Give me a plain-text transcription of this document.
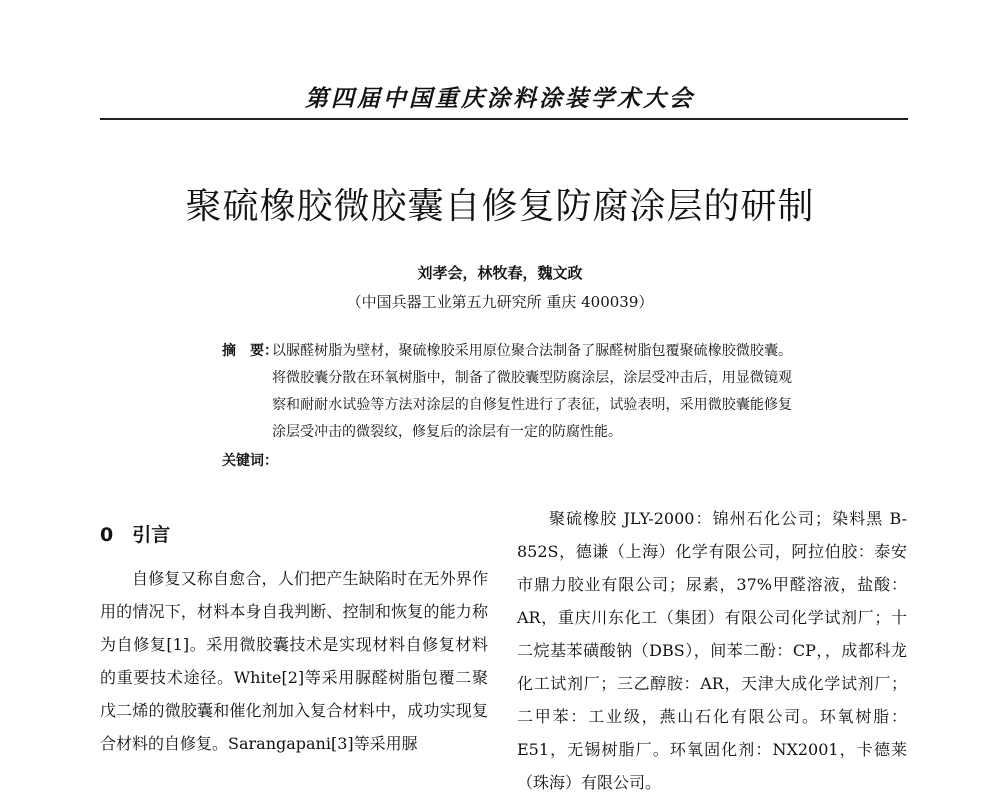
第四届中国重庆涂料涂装学术大会
聚硫橡胶微胶囊自修复防腐涂层的研制
刘孝会，林牧春，魏文政
（中国兵器工业第五九研究所 重庆 400039）
摘　要：
以脲醛树脂为壁材，聚硫橡胶采用原位聚合法制备了脲醛树脂包覆聚硫橡胶微胶囊。将微胶囊分散在环氧树脂中，制备了微胶囊型防腐涂层，涂层受冲击后，用显微镜观察和耐耐水试验等方法对涂层的自修复性进行了表征，试验表明，采用微胶囊能修复涂层受冲击的微裂纹，修复后的涂层有一定的防腐性能。
关键词：
0　引言

自修复又称自愈合，人们把产生缺陷时在无外界作用的情况下，材料本身自我判断、控制和恢复的能力称为自修复[1]。采用微胶囊技术是实现材料自修复材料的重要技术途径。White[2]等采用脲醛树脂包覆二聚戊二烯的微胶囊和催化剂加入复合材料中，成功实现复合材料的自修复。Sarangapani[3]等采用脲

聚硫橡胶 JLY-2000：锦州石化公司；染料黑 B-852S，德谦（上海）化学有限公司，阿拉伯胶：泰安市鼎力胶业有限公司；尿素，37%甲醛溶液，盐酸：AR，重庆川东化工（集团）有限公司化学试剂厂；十二烷基苯磺酸钠（DBS），间苯二酚：CP，，成都科龙化工试剂厂；三乙醇胺：AR，天津大成化学试剂厂；二甲苯：工业级，燕山石化有限公司。环氧树脂：E51，无锡树脂厂。环氧固化剂：NX2001，卡德莱（珠海）有限公司。
